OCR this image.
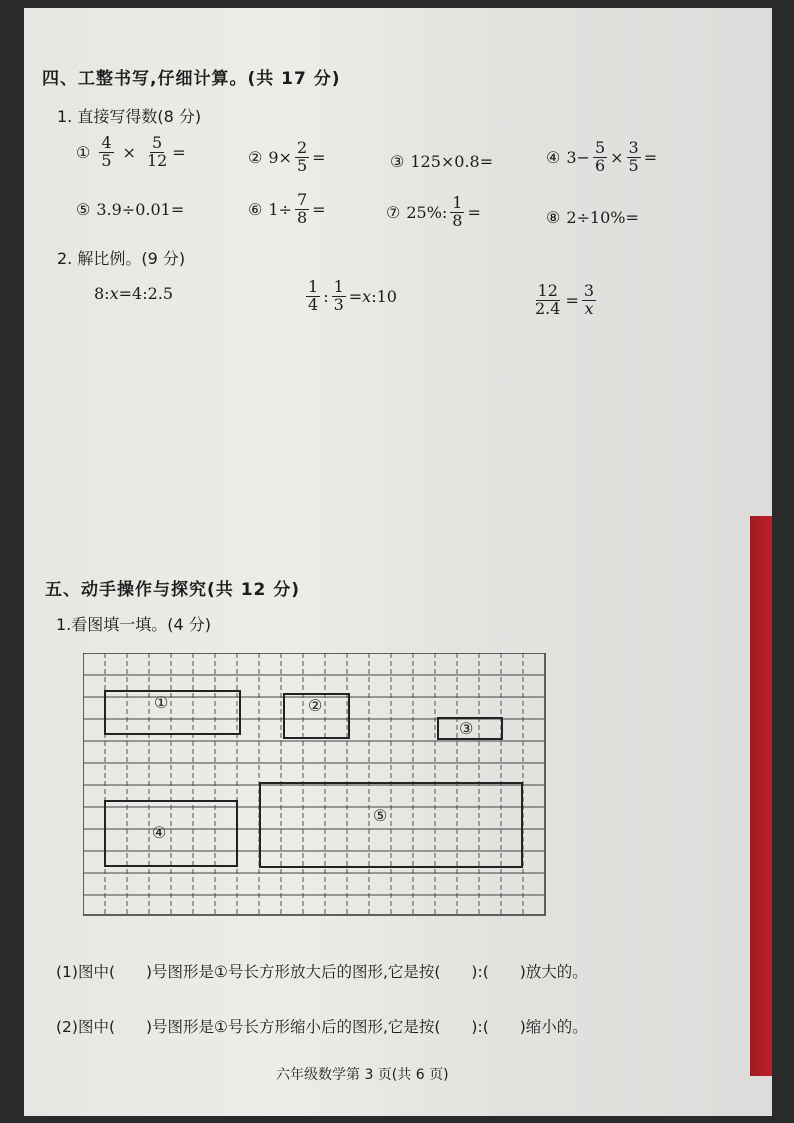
四、工整书写,仔细计算。(共 17 分)
1. 直接写得数(8 分)
① $\frac{4}{5} \times \frac{5}{12}$ =	② $9\times \frac{2}{5}$ =	③ 125×0.8=	④ $3- \frac{5}{6} \times \frac{3}{5}$ =
⑤ 3.9÷0.01=	⑥ $1\div \frac{7}{8}$ =	⑦ 25%: $\frac{1}{8}$ =	⑧ 2÷10%=
2. 解比例。(9 分)
8: x =4:2.5	$\frac{1}{4}$ : $\frac{1}{3} = x$ :10	$\frac{12}{2.4} = \frac{3}{x}$
五、动手操作与探究(共 12 分)
1.看图填一填。(4 分)
①	②
③
④
⑤
(1)图中(　　)号图形是①号长方形放大后的图形,它是按(　　):(　　)放大的。
(2)图中(　　)号图形是①号长方形缩小后的图形,它是按(　　):(　　)缩小的。
六年级数学第 3 页(共 6 页)
